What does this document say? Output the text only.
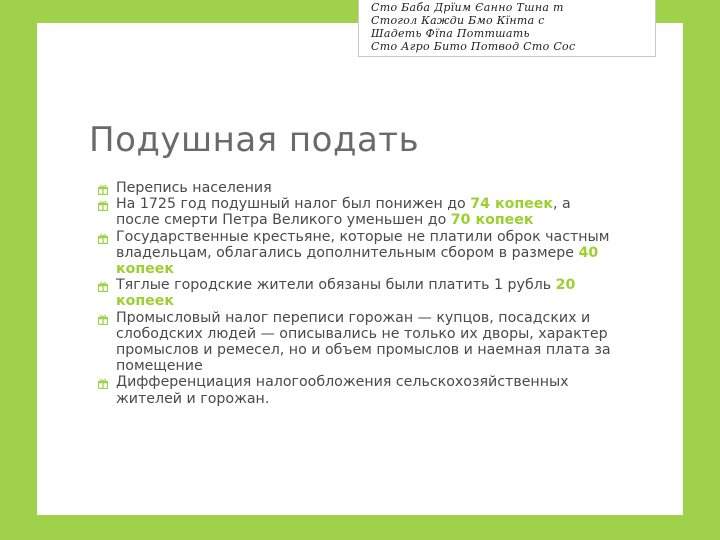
Сто Баба Дрїим Єанно Тшна т
Стогол Кажди Бмо Кїнта с
Шадеть Фїпа Поттшать
Сто Агро Бито Потвод Сто Сос
Подушная подать
Перепись населения
На 1725 год подушный налог был понижен до 74 копеек, а после смерти Петра Великого уменьшен до 70 копеек
Государственные крестьяне, которые не платили оброк частным владельцам, облагались дополнительным сбором в размере 40 копеек
Тяглые городские жители обязаны были платить 1 рубль 20 копеек
Промысловый налог переписи горожан — купцов, посадских и слободских людей — описывались не только их дворы, характер промыслов и ремесел, но и объем промыслов и наемная плата за помещение
Дифференциация налогообложения сельскохозяйственных жителей и горожан.
